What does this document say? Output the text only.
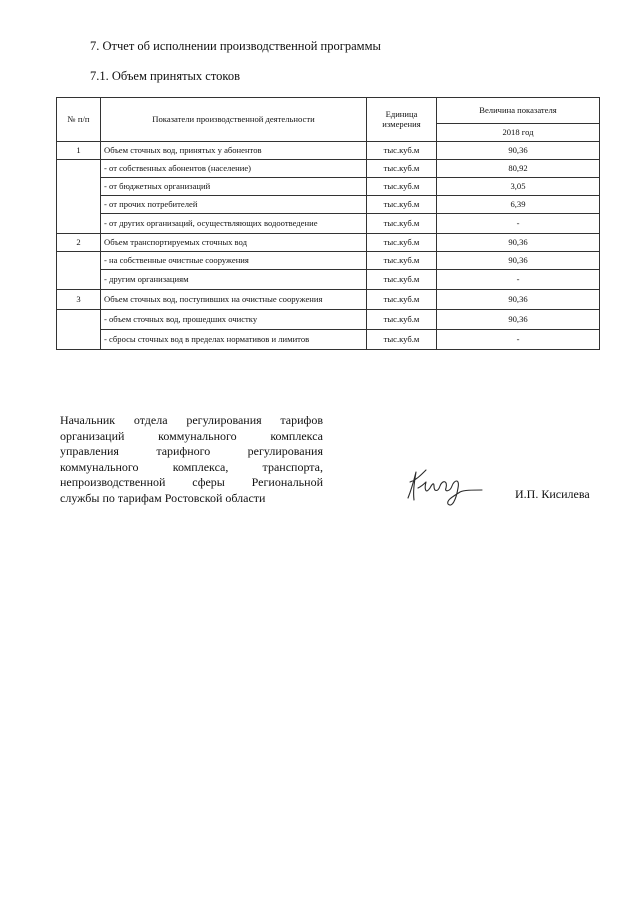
7. Отчет об исполнении производственной программы
7.1. Объем принятых стоков
№ п/п	Показатели производственной деятельности	Единица измерения	Величина показателя
			2018 год
1	Объем сточных вод, принятых у абонентов	тыс.куб.м	90,36
	- от собственных абонентов (население)	тыс.куб.м	80,92
	- от бюджетных организаций	тыс.куб.м	3,05
	- от прочих потребителей	тыс.куб.м	6,39
	- от других организаций, осуществляющих водоотведение	тыс.куб.м	-
2	Объем транспортируемых сточных вод	тыс.куб.м	90,36
	- на собственные очистные сооружения	тыс.куб.м	90,36
	- другим организациям	тыс.куб.м	-
3	Объем сточных вод, поступивших на очистные сооружения	тыс.куб.м	90,36
	- объем сточных вод, прошедших очистку	тыс.куб.м	90,36
	- сбросы сточных вод в пределах нормативов и лимитов	тыс.куб.м	-
Начальник отдела регулирования тарифов
организаций коммунального комплекса
управления тарифного регулирования
коммунального комплекса, транспорта,
непроизводственной сферы Региональной
службы по тарифам Ростовской области	И.П. Кисилева
